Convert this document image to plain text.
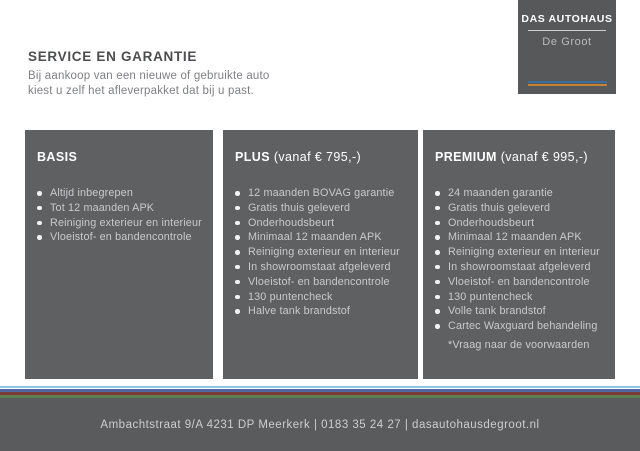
DAS AUTOHAUS
De Groot
SERVICE EN GARANTIE
Bij aankoop van een nieuwe of gebruikte auto
kiest u zelf het afleverpakket dat bij u past.
BASIS
Altijd inbegrepen
Tot 12 maanden APK
Reiniging exterieur en interieur
Vloeistof- en bandencontrole
PLUS (vanaf € 795,-)
12 maanden BOVAG garantie
Gratis thuis geleverd
Onderhoudsbeurt
Minimaal 12 maanden APK
Reiniging exterieur en interieur
In showroomstaat afgeleverd
Vloeistof- en bandencontrole
130 puntencheck
Halve tank brandstof
PREMIUM (vanaf € 995,-)
24 maanden garantie
Gratis thuis geleverd
Onderhoudsbeurt
Minimaal 12 maanden APK
Reiniging exterieur en interieur
In showroomstaat afgeleverd
Vloeistof- en bandencontrole
130 puntencheck
Volle tank brandstof
Cartec Waxguard behandeling
*Vraag naar de voorwaarden
Ambachtstraat 9/A 4231 DP Meerkerk | 0183 35 24 27 | dasautohausdegroot.nl
